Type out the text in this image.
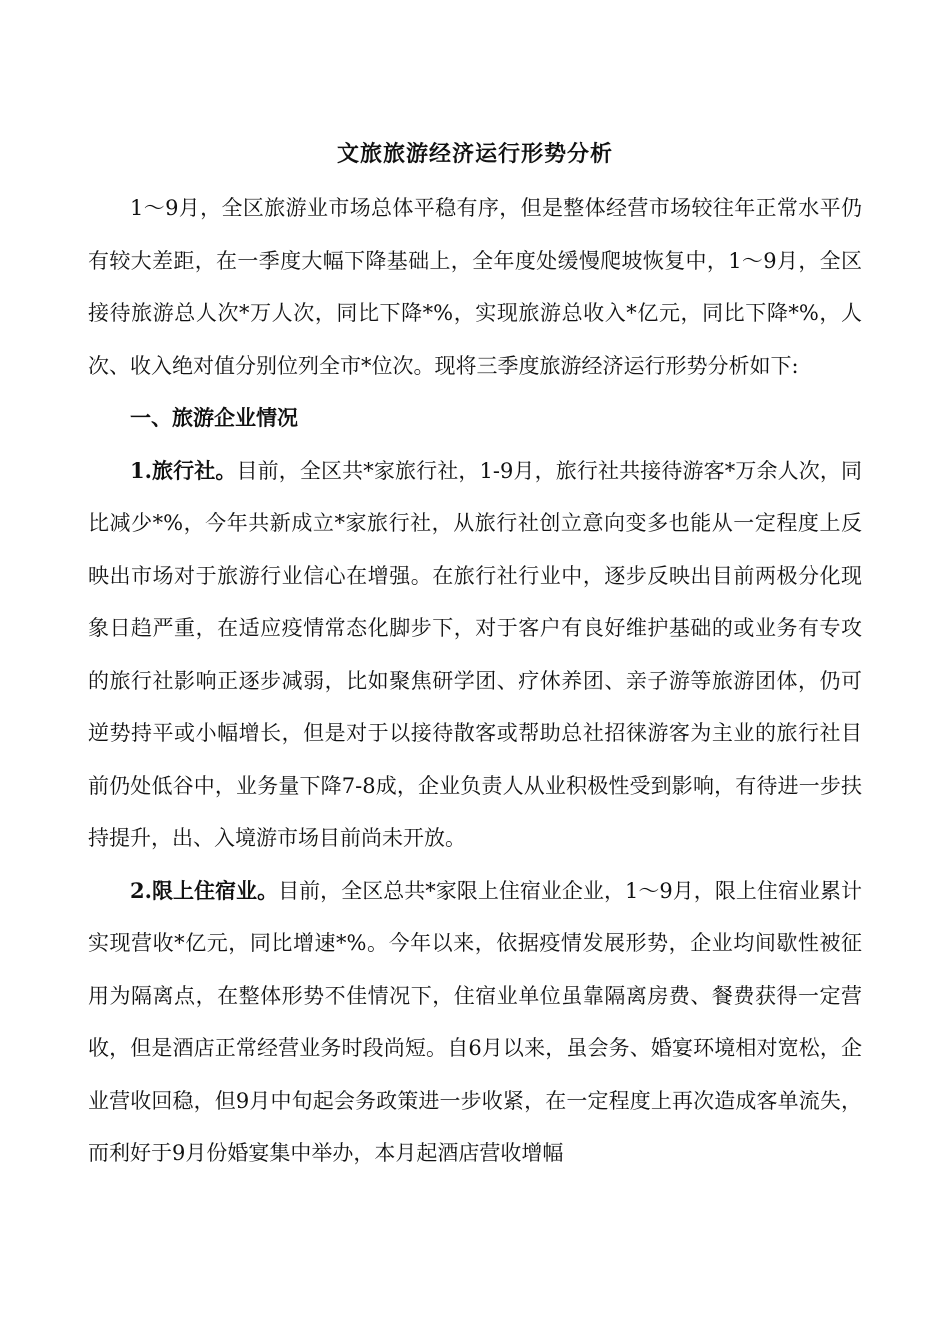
文旅旅游经济运行形势分析

1～9月，全区旅游业市场总体平稳有序，但是整体经营市场较往年正常水平仍有较大差距，在一季度大幅下降基础上，全年度处缓慢爬坡恢复中，1～9月，全区接待旅游总人次*万人次，同比下降*%，实现旅游总收入*亿元，同比下降*%，人次、收入绝对值分别位列全市*位次。现将三季度旅游经济运行形势分析如下:

一、旅游企业情况

1.旅行社。目前，全区共*家旅行社，1-9月，旅行社共接待游客*万余人次，同比减少*%，今年共新成立*家旅行社，从旅行社创立意向变多也能从一定程度上反映出市场对于旅游行业信心在增强。在旅行社行业中，逐步反映出目前两极分化现象日趋严重，在适应疫情常态化脚步下，对于客户有良好维护基础的或业务有专攻的旅行社影响正逐步减弱，比如聚焦研学团、疗休养团、亲子游等旅游团体，仍可逆势持平或小幅增长，但是对于以接待散客或帮助总社招徕游客为主业的旅行社目前仍处低谷中，业务量下降7-8成，企业负责人从业积极性受到影响，有待进一步扶持提升，出、入境游市场目前尚未开放。

2.限上住宿业。目前，全区总共*家限上住宿业企业，1～9月，限上住宿业累计实现营收*亿元，同比增速*%。今年以来，依据疫情发展形势，企业均间歇性被征用为隔离点，在整体形势不佳情况下，住宿业单位虽靠隔离房费、餐费获得一定营收，但是酒店正常经营业务时段尚短。自6月以来，虽会务、婚宴环境相对宽松，企业营收回稳，但9月中旬起会务政策进一步收紧，在一定程度上再次造成客单流失，而利好于9月份婚宴集中举办，本月起酒店营收增幅
